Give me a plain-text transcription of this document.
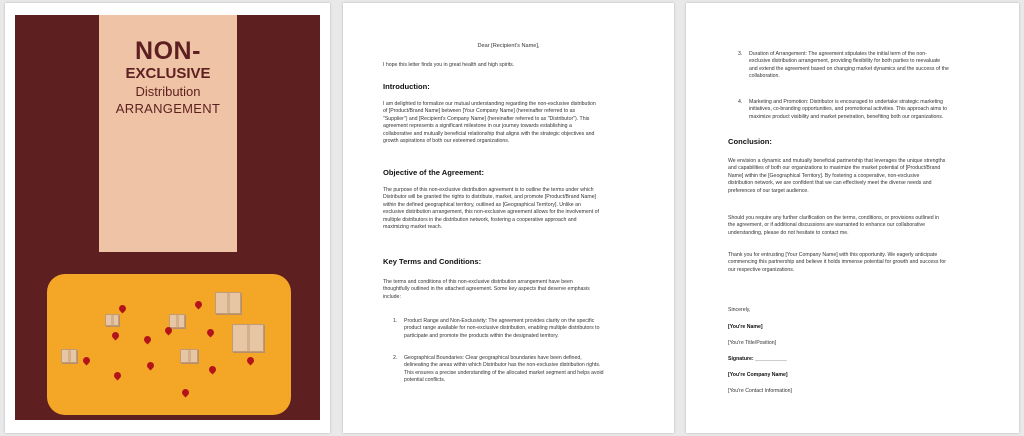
NON-
EXCLUSIVE
Distribution
ARRANGEMENT
Dear [Recipient's Name],
I hope this letter finds you in great health and high spirits.
Introduction:
I am delighted to formalize our mutual understanding regarding the non-exclusive distribution
of [Product/Brand Name] between [Your Company Name] (hereinafter referred to as
"Supplier") and [Recipient's Company Name] (hereinafter referred to as "Distributor"). This
agreement represents a significant milestone in our journey towards establishing a
collaborative and mutually beneficial relationship that aligns with the strategic objectives and
growth aspirations of both our esteemed organizations.
Objective of the Agreement:
The purpose of this non-exclusive distribution agreement is to outline the terms under which
Distributor will be granted the rights to distribute, market, and promote [Product/Brand Name]
within the defined geographical territory, outlined as [Geographical Territory]. Unlike an
exclusive distribution arrangement, this non-exclusive agreement allows for the involvement of
multiple distributors in the distribution network, fostering a cooperative approach and
maximizing market reach.
Key Terms and Conditions:
The terms and conditions of this non-exclusive distribution arrangement have been
thoughtfully outlined in the attached agreement. Some key aspects that deserve emphasis
include:
1. Product Range and Non-Exclusivity: The agreement provides clarity on the specific
product range available for non-exclusive distribution, enabling multiple distributors to
participate and promote the products within the designated territory.
2. Geographical Boundaries: Clear geographical boundaries have been defined,
delineating the areas within which Distributor has the non-exclusive distribution rights.
This ensures a precise understanding of the allocated market segment and helps avoid
potential conflicts.
3. Duration of Arrangement: The agreement stipulates the initial term of the non-
exclusive distribution arrangement, providing flexibility for both parties to reevaluate
and extend the agreement based on changing market dynamics and the success of the
collaboration.
4. Marketing and Promotion: Distributor is encouraged to undertake strategic marketing
initiatives, co-branding opportunities, and promotional activities. This approach aims to
maximize product visibility and market penetration, benefiting both our organizations.
Conclusion:
We envision a dynamic and mutually beneficial partnership that leverages the unique strengths
and capabilities of both our organizations to maximize the market potential of [Product/Brand
Name] within the [Geographical Territory]. By fostering a cooperative, non-exclusive
distribution network, we are confident that we can effectively meet the diverse needs and
preferences of our target audience.
Should you require any further clarification on the terms, conditions, or provisions outlined in
the agreement, or if additional discussions are warranted to enhance our collaborative
understanding, please do not hesitate to contact me.
Thank you for entrusting [Your Company Name] with this opportunity. We eagerly anticipate
commencing this partnership and believe it holds immense potential for growth and success for
our respective organizations.
Sincerely,
[You're Name]
[You're Title/Position]
Signature: ___________
[You're Company Name]
[You're Contact Information]
